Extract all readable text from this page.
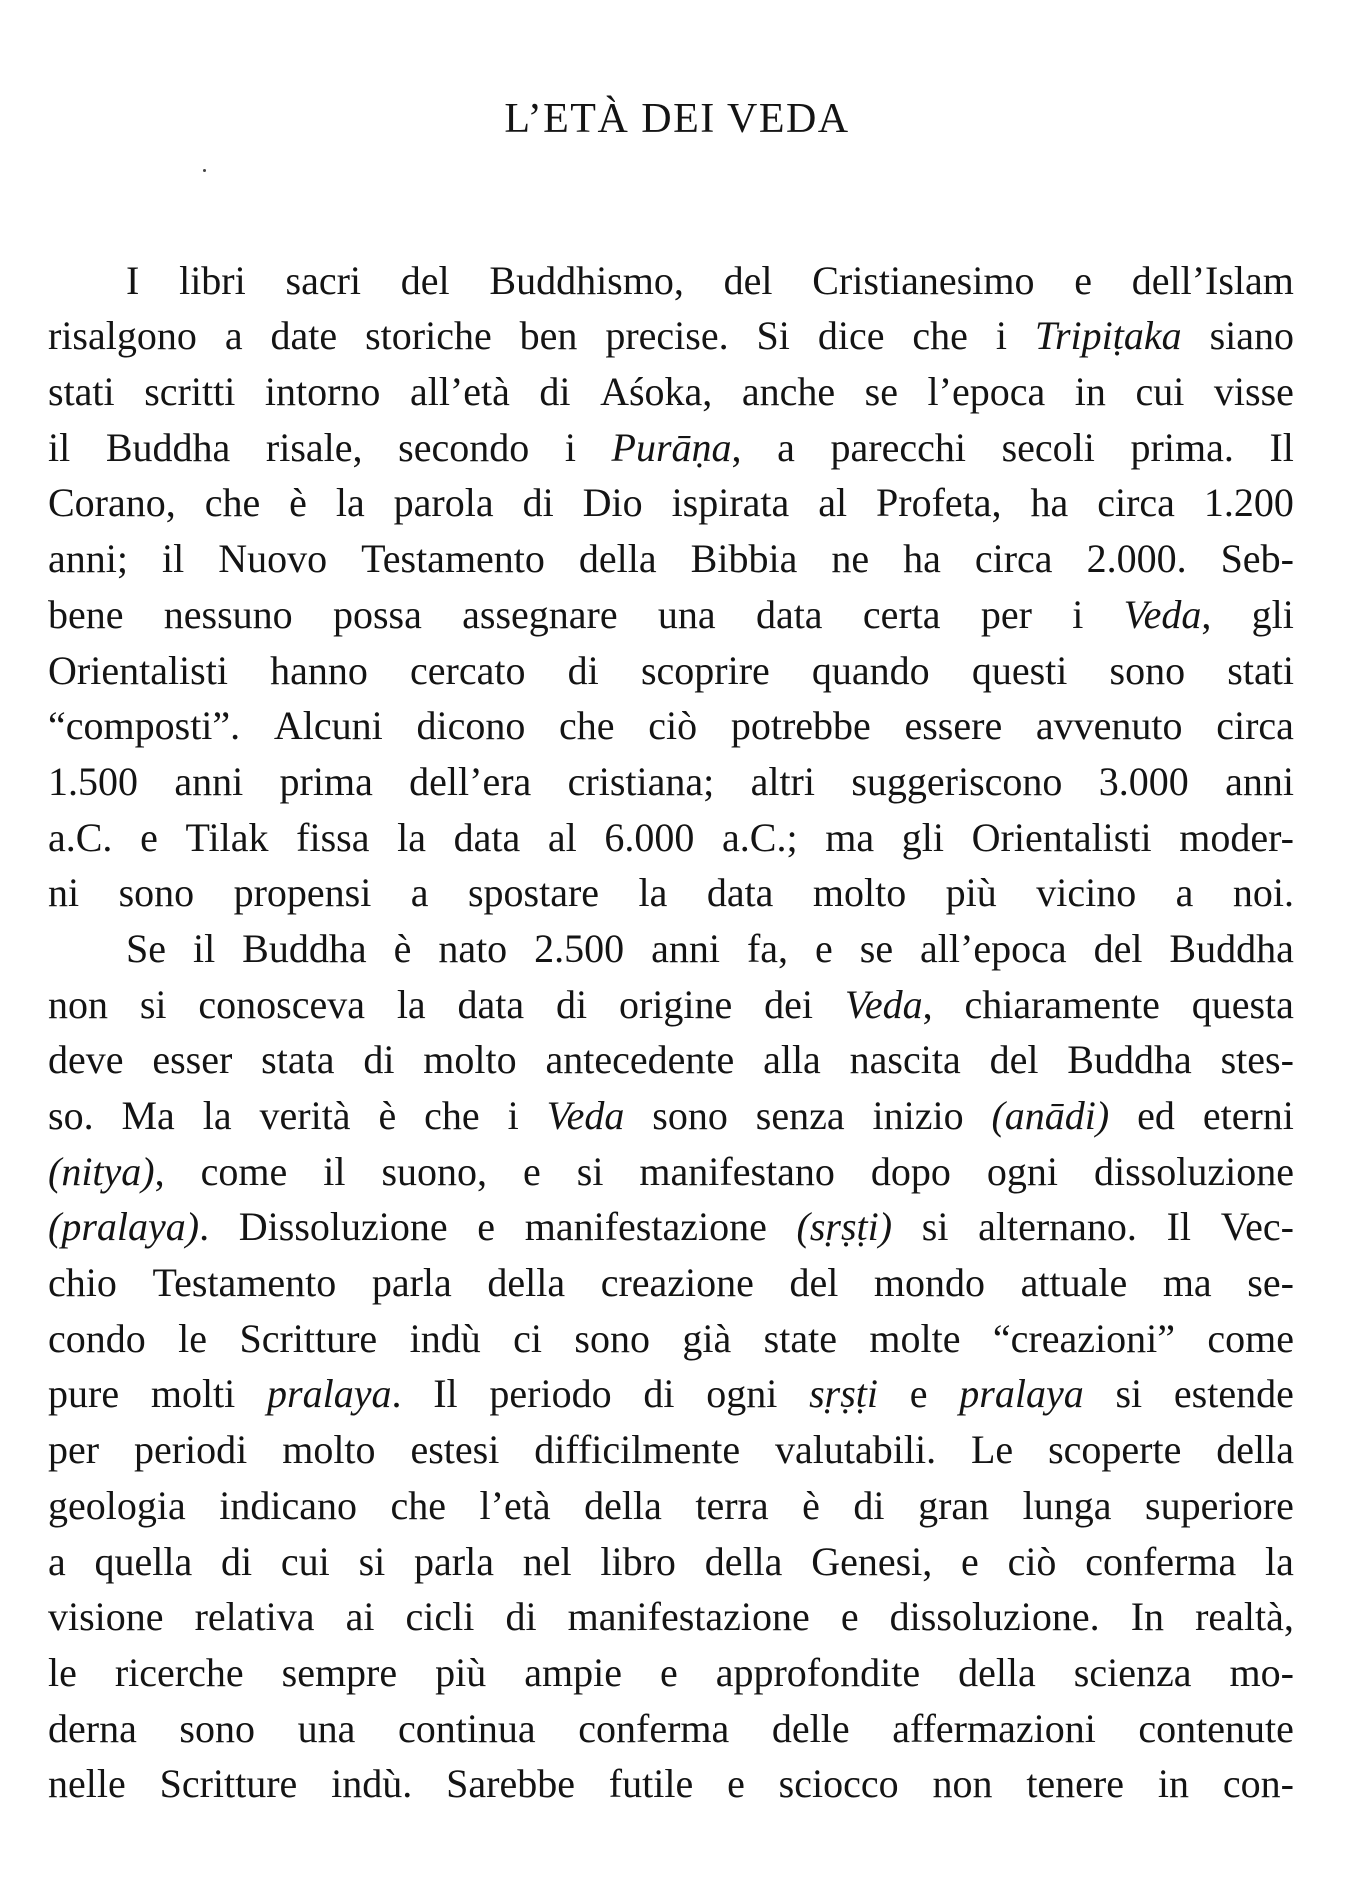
L’ETÀ DEI VEDA
I libri sacri del Buddhismo, del Cristianesimo e dell’Islam
risalgono a date storiche ben precise. Si dice che i Tripiṭaka siano
stati scritti intorno all’età di Aśoka, anche se l’epoca in cui visse
il Buddha risale, secondo i Purāṇa, a parecchi secoli prima. Il
Corano, che è la parola di Dio ispirata al Profeta, ha circa 1.200
anni; il Nuovo Testamento della Bibbia ne ha circa 2.000. Seb-
bene nessuno possa assegnare una data certa per i Veda, gli
Orientalisti hanno cercato di scoprire quando questi sono stati
“composti”. Alcuni dicono che ciò potrebbe essere avvenuto circa
1.500 anni prima dell’era cristiana; altri suggeriscono 3.000 anni
a.C. e Tilak fissa la data al 6.000 a.C.; ma gli Orientalisti moder-
ni sono propensi a spostare la data molto più vicino a noi.
Se il Buddha è nato 2.500 anni fa, e se all’epoca del Buddha
non si conosceva la data di origine dei Veda, chiaramente questa
deve esser stata di molto antecedente alla nascita del Buddha stes-
so. Ma la verità è che i Veda sono senza inizio (anādi) ed eterni
(nitya), come il suono, e si manifestano dopo ogni dissoluzione
(pralaya). Dissoluzione e manifestazione (sṛṣṭi) si alternano. Il Vec-
chio Testamento parla della creazione del mondo attuale ma se-
condo le Scritture indù ci sono già state molte “creazioni” come
pure molti pralaya. Il periodo di ogni sṛṣṭi e pralaya si estende
per periodi molto estesi difficilmente valutabili. Le scoperte della
geologia indicano che l’età della terra è di gran lunga superiore
a quella di cui si parla nel libro della Genesi, e ciò conferma la
visione relativa ai cicli di manifestazione e dissoluzione. In realtà,
le ricerche sempre più ampie e approfondite della scienza mo-
derna sono una continua conferma delle affermazioni contenute
nelle Scritture indù. Sarebbe futile e sciocco non tenere in con-
